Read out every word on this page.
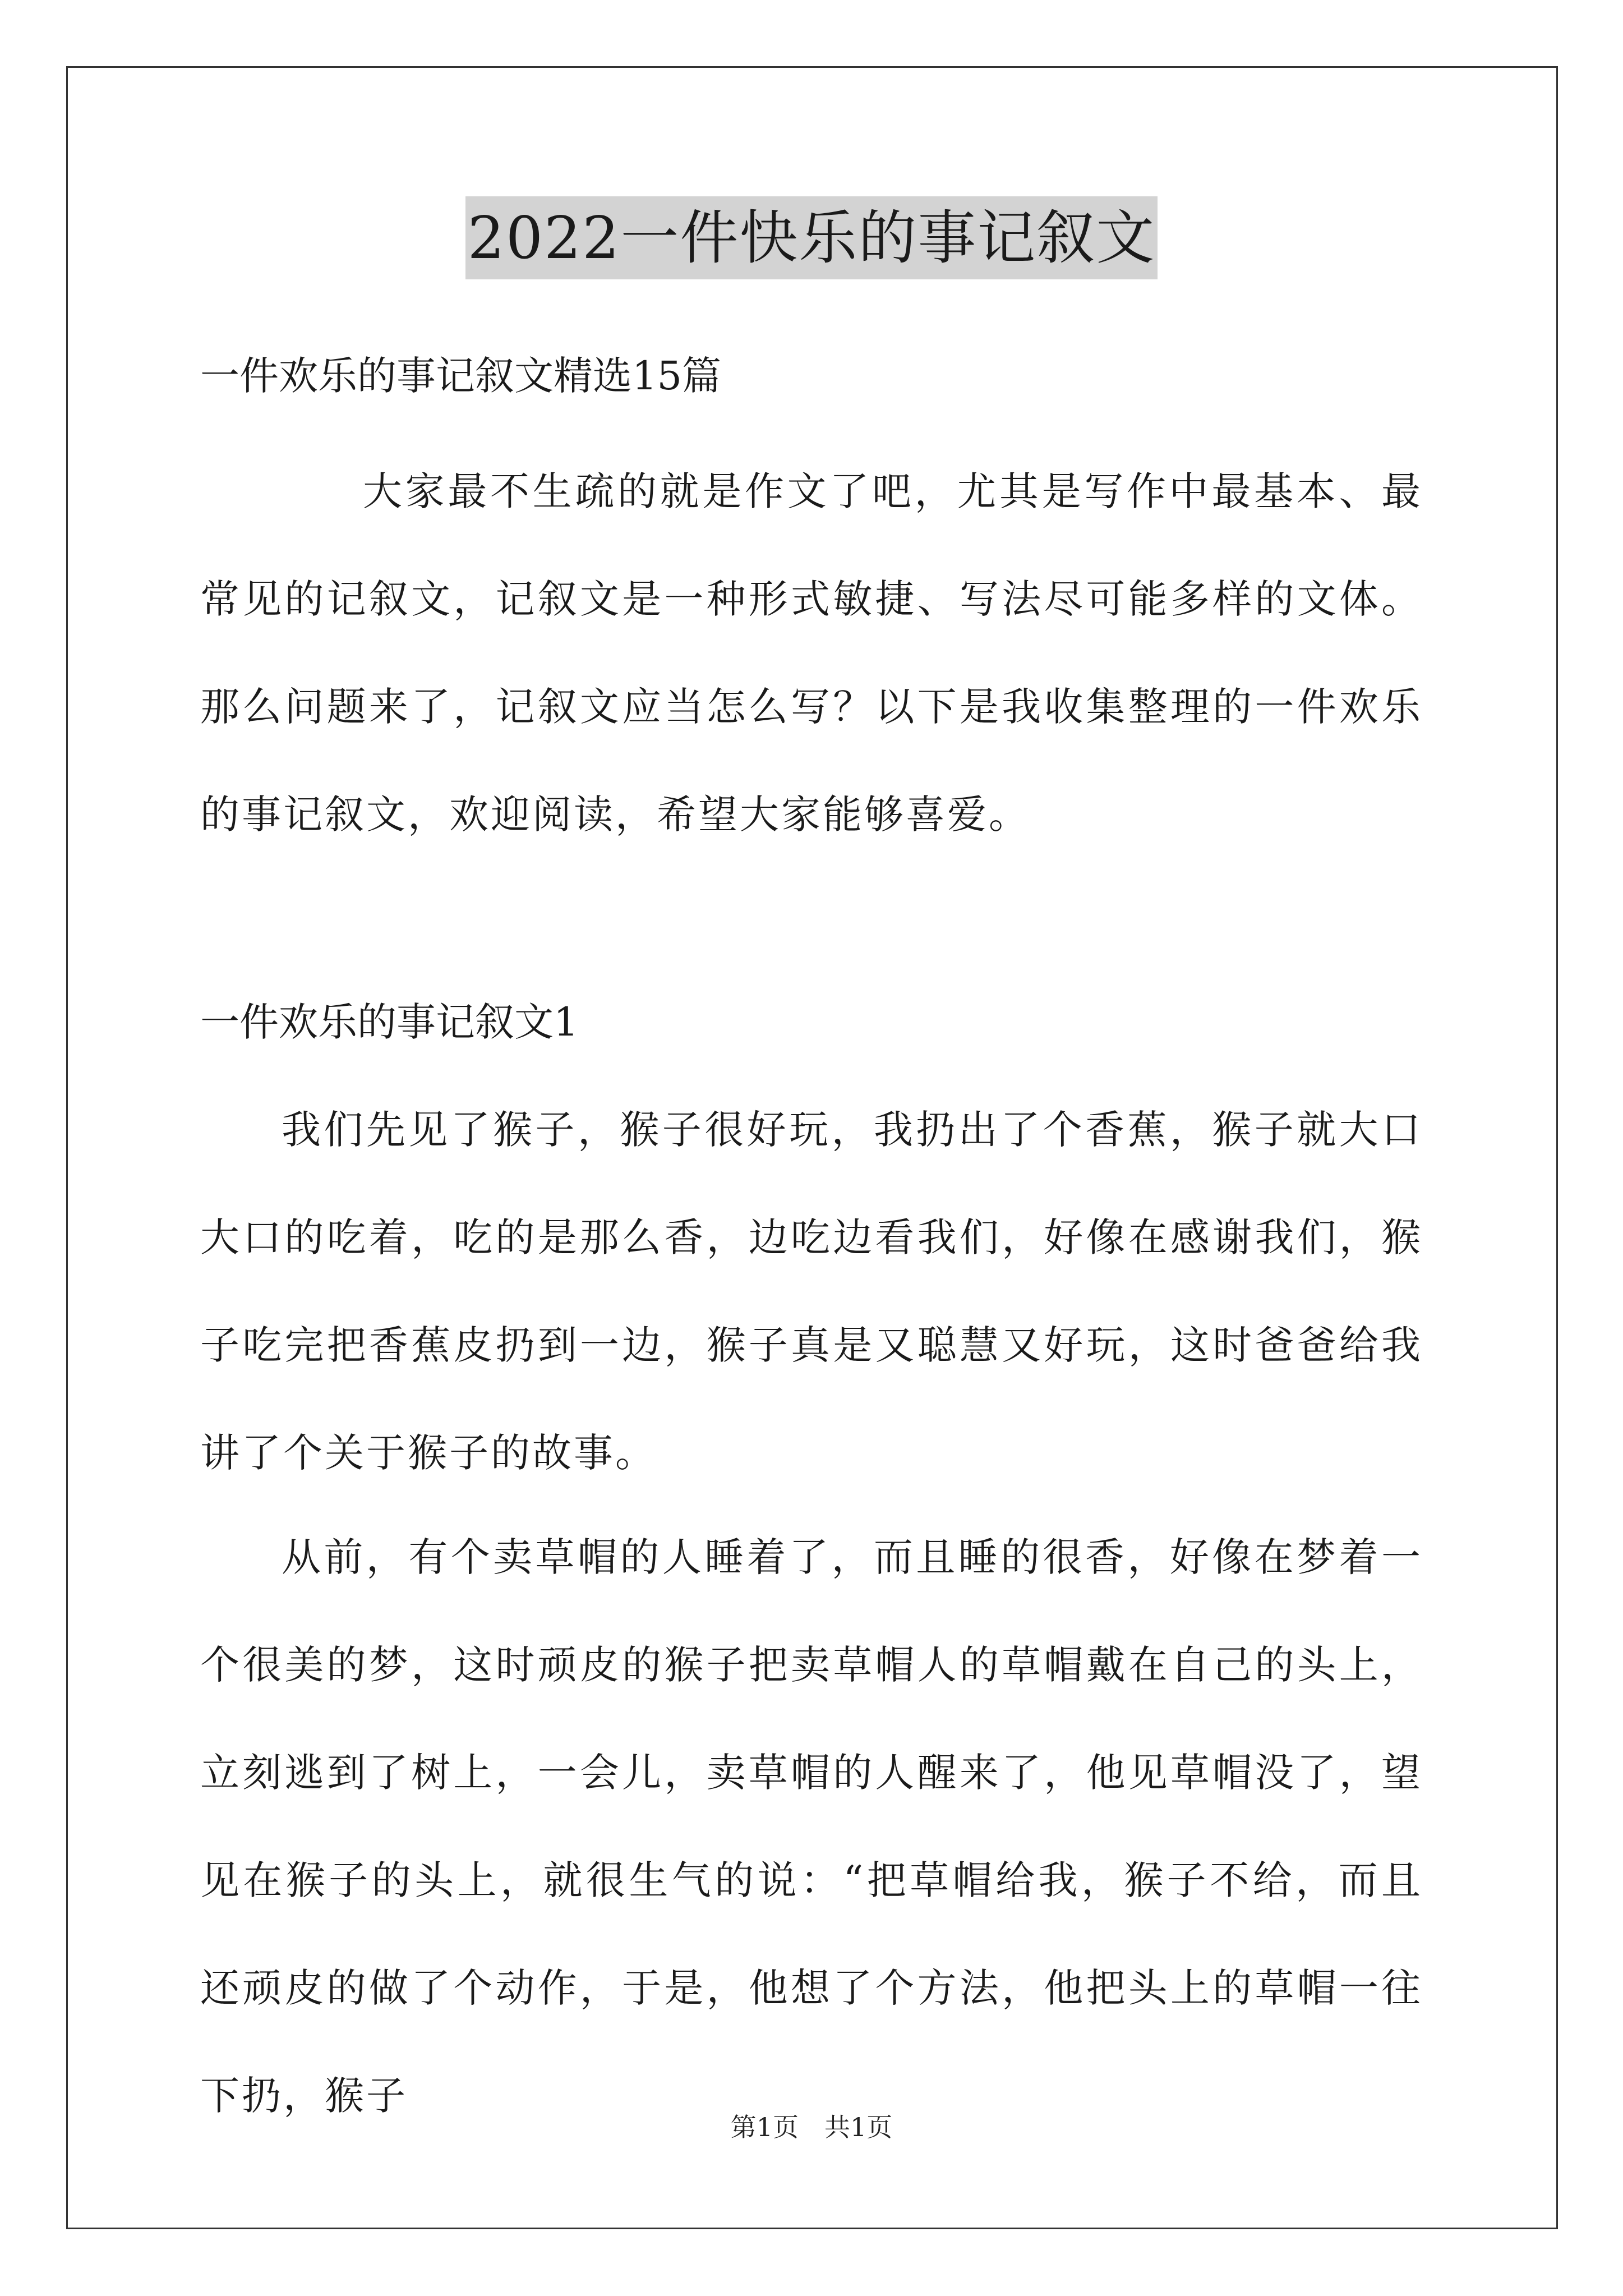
2022一件快乐的事记叙文
一件欢乐的事记叙文精选15篇

大家最不生疏的就是作文了吧，尤其是写作中最基本、最常见的记叙文，记叙文是一种形式敏捷、写法尽可能多样的文体。那么问题来了，记叙文应当怎么写？以下是我收集整理的一件欢乐的事记叙文，欢迎阅读，希望大家能够喜爱。

一件欢乐的事记叙文1

我们先见了猴子，猴子很好玩，我扔出了个香蕉，猴子就大口大口的吃着，吃的是那么香，边吃边看我们，好像在感谢我们，猴子吃完把香蕉皮扔到一边，猴子真是又聪慧又好玩，这时爸爸给我讲了个关于猴子的故事。

从前，有个卖草帽的人睡着了，而且睡的很香，好像在梦着一个很美的梦，这时顽皮的猴子把卖草帽人的草帽戴在自己的头上，立刻逃到了树上，一会儿，卖草帽的人醒来了，他见草帽没了，望见在猴子的头上，就很生气的说：“把草帽给我，猴子不给，而且还顽皮的做了个动作，于是，他想了个方法，他把头上的草帽一往下扔，猴子

第1页 共1页
